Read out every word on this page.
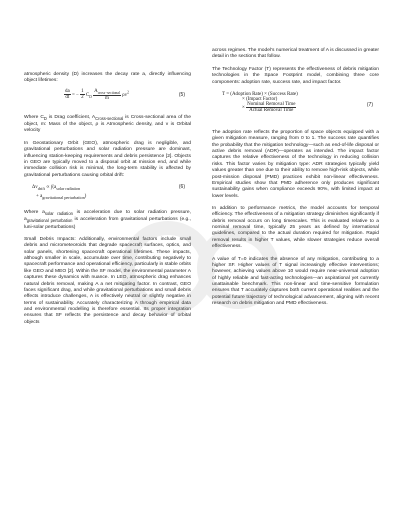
atmospheric density (D) increases the decay rate a, directly influencing object lifetimes:

$\frac{da}{dt}$ = − $\frac{1}{2} C_D \frac{A_{cross-sectional}}{m} \rho v^2$	(5)

Where $C_D$ is Drag coefficient, $A_{Cross-sectional}$ is Cross-sectional area of the object, m: Mass of the object, ρ is Atmospheric density, and v is Orbital velocity

In Geostationary Orbit (GEO), atmospheric drag is negligible, and gravitational perturbations and solar radiation pressure are dominant, influencing station-keeping requirements and debris persistence [2]. Objects in GEO are typically moved to a disposal orbit at mission end, and while immediate collision risk is minimal, the long-term stability is affected by gravitational perturbations causing orbital drift:

$\Delta v_{drift} \propto \int(a_{solar radiation}$
+ $a_{gravitational perturbation}$)
(6)

Where $a_{solar radiation}$ is acceleration due to solar radiation pressure, $a_{gravitational perturbation}$ is acceleration from gravitational perturbations (e.g., luni-solar perturbations)

Small Debris Impacts: Additionally, environmental factors include small debris and micrometeoroids that degrade spacecraft surfaces, optics, and solar panels, shortening spacecraft operational lifetimes. These impacts, although smaller in scale, accumulate over time, contributing negatively to spacecraft performance and operational efficiency, particularly in stable orbits like GEO and MEO [2]. Within the SF model, the environmental parameter A captures these dynamics with nuance. In LEO, atmospheric drag enhances natural debris removal, making A a net mitigating factor. In contrast, GEO faces significant drag, and while gravitational perturbations and small debris effects introduce challenges, A is effectively neutral or slightly negative in terms of sustainability. Accurately characterizing A through empirical data and environmental modelling is therefore essential. Its proper integration ensures that SF reflects the persistence and decay behavior of orbital objects

across regimes. The model’s numerical treatment of A is discussed in greater detail in the sections that follow.

The Technology Factor (T) represents the effectiveness of debris mitigation technologies in the Space Footprint model, combining three core components: adoption rate, success rate, and impact factor.

T = (Adoption Rate) × (Success Rate)
× (Impact Factor)
× $\frac{\text{Nominal Removal Time}}{\text{Actual Removal Time}}$	(7)

The adoption rate reflects the proportion of space objects equipped with a given mitigation measure, ranging from 0 to 1. The success rate quantifies the probability that the mitigation technology—such as end-of-life disposal or active debris removal (ADR)—operates as intended. The impact factor captures the relative effectiveness of the technology in reducing collision risks. This factor varies by mitigation type: ADR strategies typically yield values greater than one due to their ability to remove high-risk objects, while post-mission disposal (PMD) practices exhibit non-linear effectiveness. Empirical studies show that PMD adherence only produces significant sustainability gains when compliance exceeds 90%, with limited impact at lower levels.

In addition to performance metrics, the model accounts for temporal efficiency. The effectiveness of a mitigation strategy diminishes significantly if debris removal occurs on long timescales. This is evaluated relative to a nominal removal time, typically 25 years as defined by international guidelines, compared to the actual duration required for mitigation. Rapid removal results in higher T values, while slower strategies reduce overall effectiveness.

A value of T=0 indicates the absence of any mitigation, contributing to a higher SF. Higher values of T signal increasingly effective interventions; however, achieving values above 10 would require near-universal adoption of highly reliable and fast-acting technologies—an aspirational yet currently unattainable benchmark. This non-linear and time-sensitive formulation ensures that T accurately captures both current operational realities and the potential future trajectory of technological advancement, aligning with recent research on debris mitigation and PMD effectiveness.
